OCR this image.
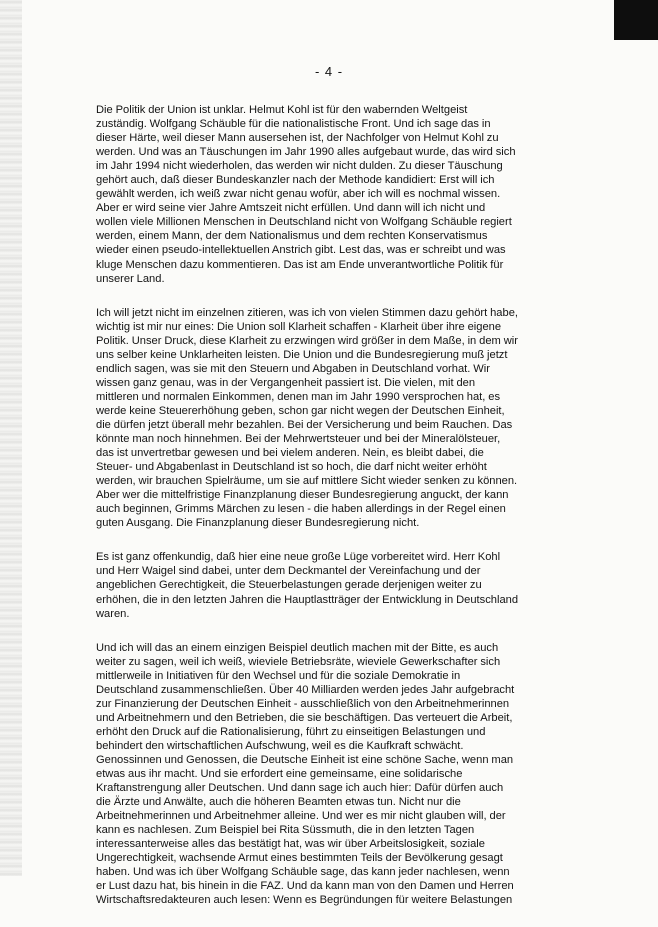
- 4 -

Die Politik der Union ist unklar. Helmut Kohl ist für den wabernden Weltgeist
zuständig. Wolfgang Schäuble für die nationalistische Front. Und ich sage das in
dieser Härte, weil dieser Mann ausersehen ist, der Nachfolger von Helmut Kohl zu
werden. Und was an Täuschungen im Jahr 1990 alles aufgebaut wurde, das wird sich
im Jahr 1994 nicht wiederholen, das werden wir nicht dulden. Zu dieser Täuschung
gehört auch, daß dieser Bundeskanzler nach der Methode kandidiert: Erst will ich
gewählt werden, ich weiß zwar nicht genau wofür, aber ich will es nochmal wissen.
Aber er wird seine vier Jahre Amtszeit nicht erfüllen. Und dann will ich nicht und
wollen viele Millionen Menschen in Deutschland nicht von Wolfgang Schäuble regiert
werden, einem Mann, der dem Nationalismus und dem rechten Konservatismus
wieder einen pseudo-intellektuellen Anstrich gibt. Lest das, was er schreibt und was
kluge Menschen dazu kommentieren. Das ist am Ende unverantwortliche Politik für
unserer Land.

Ich will jetzt nicht im einzelnen zitieren, was ich von vielen Stimmen dazu gehört habe,
wichtig ist mir nur eines: Die Union soll Klarheit schaffen - Klarheit über ihre eigene
Politik. Unser Druck, diese Klarheit zu erzwingen wird größer in dem Maße, in dem wir
uns selber keine Unklarheiten leisten. Die Union und die Bundesregierung muß jetzt
endlich sagen, was sie mit den Steuern und Abgaben in Deutschland vorhat. Wir
wissen ganz genau, was in der Vergangenheit passiert ist. Die vielen, mit den
mittleren und normalen Einkommen, denen man im Jahr 1990 versprochen hat, es
werde keine Steuererhöhung geben, schon gar nicht wegen der Deutschen Einheit,
die dürfen jetzt überall mehr bezahlen. Bei der Versicherung und beim Rauchen. Das
könnte man noch hinnehmen. Bei der Mehrwertsteuer und bei der Mineralölsteuer,
das ist unvertretbar gewesen und bei vielem anderen. Nein, es bleibt dabei, die
Steuer- und Abgabenlast in Deutschland ist so hoch, die darf nicht weiter erhöht
werden, wir brauchen Spielräume, um sie auf mittlere Sicht wieder senken zu können.
Aber wer die mittelfristige Finanzplanung dieser Bundesregierung anguckt, der kann
auch beginnen, Grimms Märchen zu lesen - die haben allerdings in der Regel einen
guten Ausgang. Die Finanzplanung dieser Bundesregierung nicht.

Es ist ganz offenkundig, daß hier eine neue große Lüge vorbereitet wird. Herr Kohl
und Herr Waigel sind dabei, unter dem Deckmantel der Vereinfachung und der
angeblichen Gerechtigkeit, die Steuerbelastungen gerade derjenigen weiter zu
erhöhen, die in den letzten Jahren die Hauptlastträger der Entwicklung in Deutschland
waren.

Und ich will das an einem einzigen Beispiel deutlich machen mit der Bitte, es auch
weiter zu sagen, weil ich weiß, wieviele Betriebsräte, wieviele Gewerkschafter sich
mittlerweile in Initiativen für den Wechsel und für die soziale Demokratie in
Deutschland zusammenschließen. Über 40 Milliarden werden jedes Jahr aufgebracht
zur Finanzierung der Deutschen Einheit - ausschließlich von den Arbeitnehmerinnen
und Arbeitnehmern und den Betrieben, die sie beschäftigen. Das verteuert die Arbeit,
erhöht den Druck auf die Rationalisierung, führt zu einseitigen Belastungen und
behindert den wirtschaftlichen Aufschwung, weil es die Kaufkraft schwächt.
Genossinnen und Genossen, die Deutsche Einheit ist eine schöne Sache, wenn man
etwas aus ihr macht. Und sie erfordert eine gemeinsame, eine solidarische
Kraftanstrengung aller Deutschen. Und dann sage ich auch hier: Dafür dürfen auch
die Ärzte und Anwälte, auch die höheren Beamten etwas tun. Nicht nur die
Arbeitnehmerinnen und Arbeitnehmer alleine. Und wer es mir nicht glauben will, der
kann es nachlesen. Zum Beispiel bei Rita Süssmuth, die in den letzten Tagen
interessanterweise alles das bestätigt hat, was wir über Arbeitslosigkeit, soziale
Ungerechtigkeit, wachsende Armut eines bestimmten Teils der Bevölkerung gesagt
haben. Und was ich über Wolfgang Schäuble sage, das kann jeder nachlesen, wenn
er Lust dazu hat, bis hinein in die FAZ. Und da kann man von den Damen und Herren
Wirtschaftsredakteuren auch lesen: Wenn es Begründungen für weitere Belastungen
